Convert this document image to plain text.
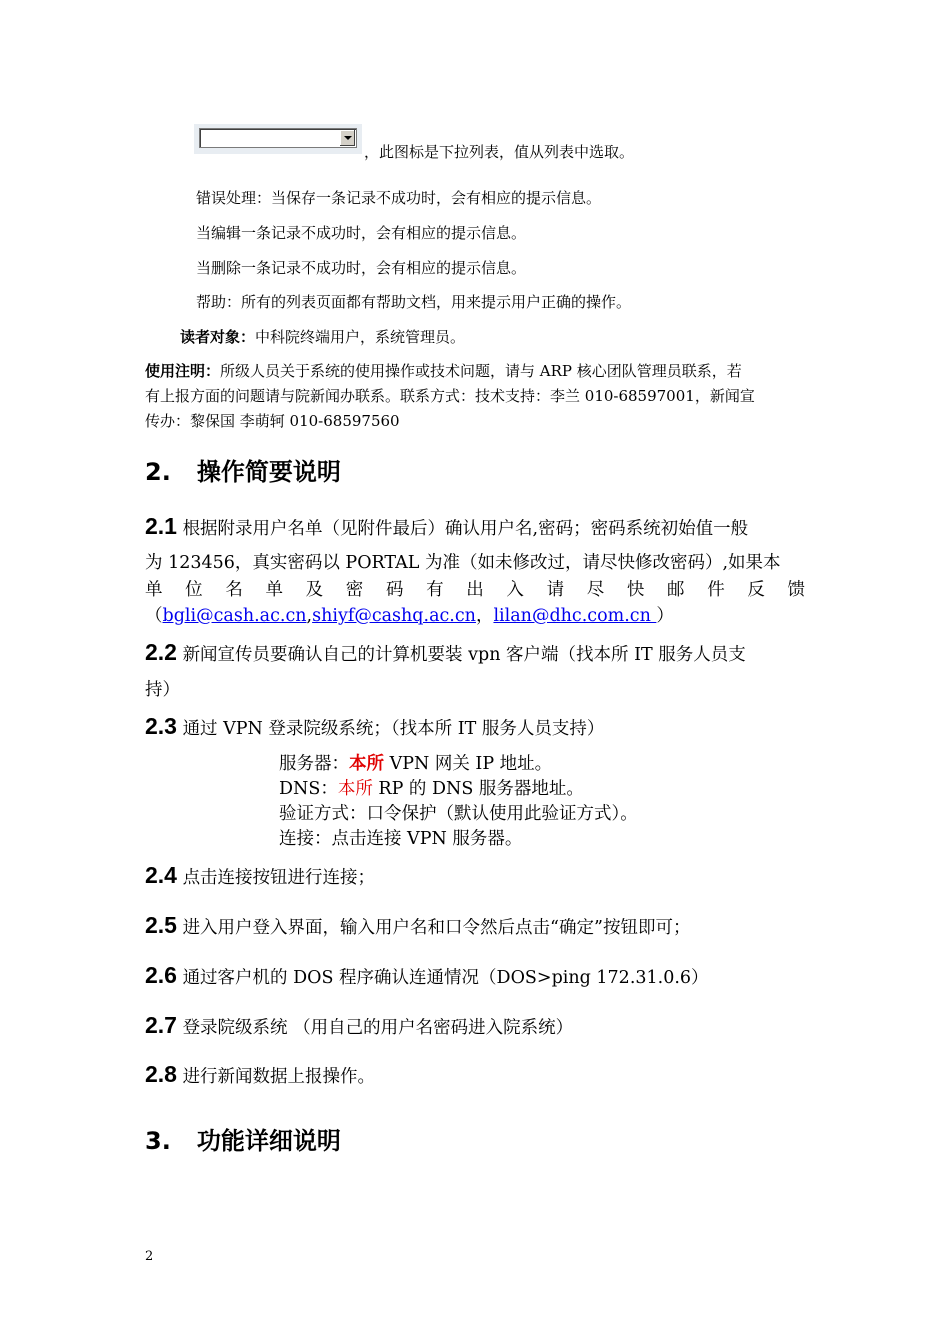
，此图标是下拉列表，值从列表中选取。
错误处理：当保存一条记录不成功时，会有相应的提示信息。
当编辑一条记录不成功时，会有相应的提示信息。
当删除一条记录不成功时，会有相应的提示信息。
帮助：所有的列表页面都有帮助文档，用来提示用户正确的操作。
读者对象：中科院终端用户，系统管理员。
使用注明：所级人员关于系统的使用操作或技术问题，请与 ARP 核心团队管理员联系，若
有上报方面的问题请与院新闻办联系。联系方式：技术支持：李兰 010-68597001，新闻宣
传办：黎保国 李萌轲 010-68597560
2. 操作简要说明
2.1 根据附录用户名单（见附件最后）确认用户名,密码；密码系统初始值一般
为 123456，真实密码以 PORTAL 为准（如未修改过，请尽快修改密码）,如果本
单 位 名 单 及 密 码 有 出 入 请 尽 快 邮 件 反 馈
（bgli@cash.ac.cn,shiyf@cashq.ac.cn，lilan@dhc.com.cn ）
2.2 新闻宣传员要确认自己的计算机要装 vpn 客户端（找本所 IT 服务人员支
持）
2.3 通过 VPN 登录院级系统；（找本所 IT 服务人员支持）
服务器：本所 VPN 网关 IP 地址。
DNS：本所 RP 的 DNS 服务器地址。
验证方式：口令保护（默认使用此验证方式）。
连接：点击连接 VPN 服务器。
2.4 点击连接按钮进行连接；
2.5 进入用户登入界面，输入用户名和口令然后点击“确定”按钮即可；
2.6 通过客户机的 DOS 程序确认连通情况（DOS>ping 172.31.0.6）
2.7 登录院级系统 （用自己的用户名密码进入院系统）
2.8 进行新闻数据上报操作。
3. 功能详细说明
2
